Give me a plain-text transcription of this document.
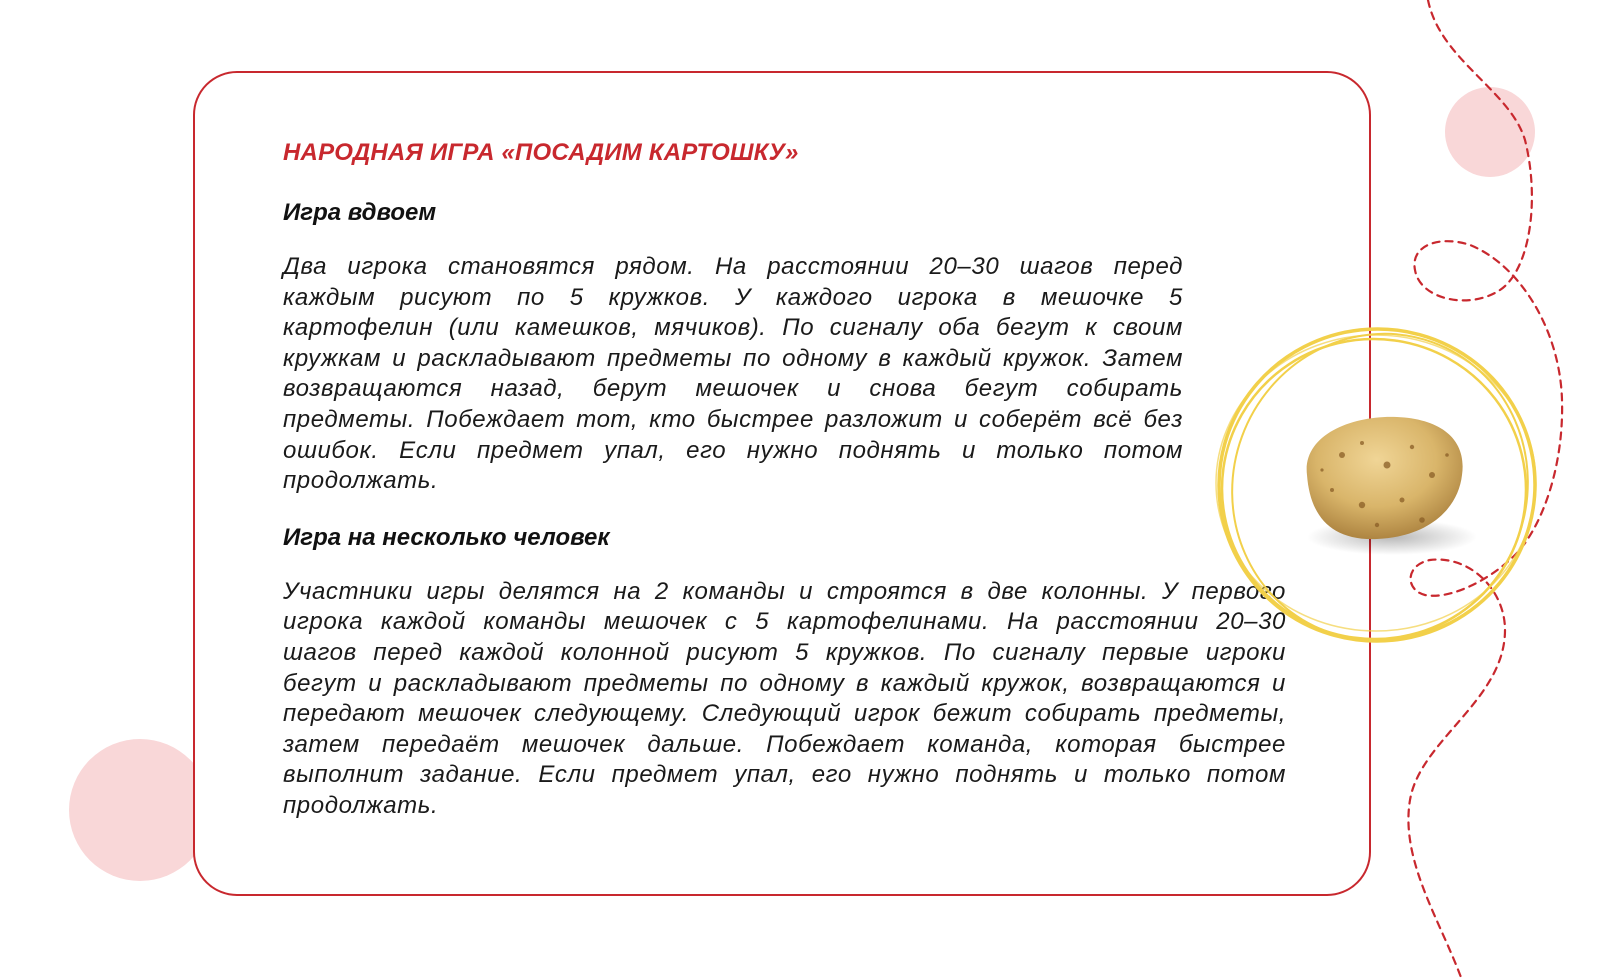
НАРОДНАЯ ИГРА «ПОСАДИМ КАРТОШКУ»
Игра вдвоем

Два игрока становятся рядом. На расстоянии 20–30 шагов перед каждым рисуют по 5 кружков. У каждого игрока в мешочке 5 картофелин (или камешков, мячиков). По сигналу оба бегут к своим кружкам и раскладывают предметы по одному в каждый кружок. Затем возвращаются назад, берут мешочек и снова бегут собирать предметы. Побеждает тот, кто быстрее разложит и соберёт всё без ошибок. Если предмет упал, его нужно поднять и только потом продолжать.

Игра на несколько человек

Участники игры делятся на 2 команды и строятся в две колонны. У первого игрока каждой команды мешочек с 5 картофелинами. На расстоянии 20–30 шагов перед каждой колонной рисуют 5 кружков. По сигналу первые игроки бегут и раскладывают предметы по одному в каждый кружок, возвращаются и передают мешочек следующему. Следующий игрок бежит собирать предметы, затем передаёт мешочек дальше. Побеждает команда, которая быстрее выполнит задание. Если предмет упал, его нужно поднять и только потом продолжать.
